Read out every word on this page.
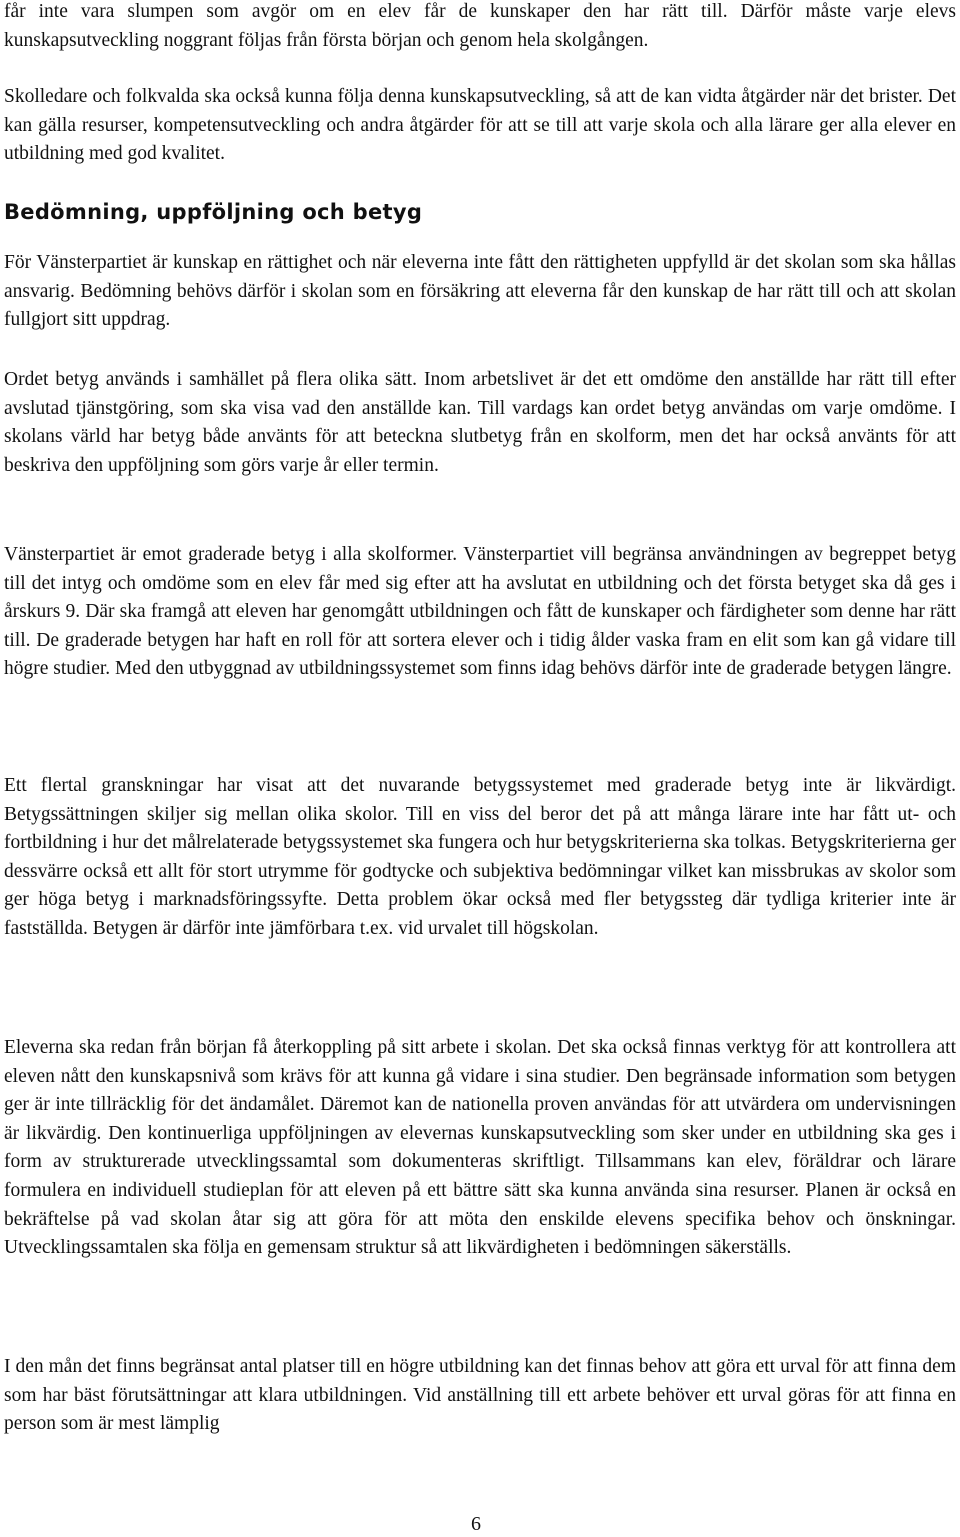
får inte vara slumpen som avgör om en elev får de kunskaper den har rätt till. Därför måste varje elevs kunskapsutveckling noggrant följas från första början och genom hela skolgången.

Skolledare och folkvalda ska också kunna följa denna kunskapsutveckling, så att de kan vidta åtgärder när det brister. Det kan gälla resurser, kompetensutveckling och andra åtgärder för att se till att varje skola och alla lärare ger alla elever en utbildning med god kvalitet.

Bedömning, uppföljning och betyg

För Vänsterpartiet är kunskap en rättighet och när eleverna inte fått den rättigheten uppfylld är det skolan som ska hållas ansvarig. Bedömning behövs därför i skolan som en försäkring att eleverna får den kunskap de har rätt till och att skolan fullgjort sitt uppdrag.

Ordet betyg används i samhället på flera olika sätt. Inom arbetslivet är det ett omdöme den anställde har rätt till efter avslutad tjänstgöring, som ska visa vad den anställde kan. Till vardags kan ordet betyg användas om varje omdöme. I skolans värld har betyg både använts för att beteckna slutbetyg från en skolform, men det har också använts för att beskriva den uppföljning som görs varje år eller termin.

Vänsterpartiet är emot graderade betyg i alla skolformer. Vänsterpartiet vill begränsa användningen av begreppet betyg till det intyg och omdöme som en elev får med sig efter att ha avslutat en utbildning och det första betyget ska då ges i årskurs 9. Där ska framgå att eleven har genomgått utbildningen och fått de kunskaper och färdigheter som denne har rätt till. De graderade betygen har haft en roll för att sortera elever och i tidig ålder vaska fram en elit som kan gå vidare till högre studier. Med den utbyggnad av utbildningssystemet som finns idag behövs därför inte de graderade betygen längre.

Ett flertal granskningar har visat att det nuvarande betygssystemet med graderade betyg inte är likvärdigt. Betygssättningen skiljer sig mellan olika skolor. Till en viss del beror det på att många lärare inte har fått ut- och fortbildning i hur det målrelaterade betygssystemet ska fungera och hur betygskriterierna ska tolkas. Betygskriterierna ger dessvärre också ett allt för stort utrymme för godtycke och subjektiva bedömningar vilket kan missbrukas av skolor som ger höga betyg i marknadsföringssyfte. Detta problem ökar också med fler betygssteg där tydliga kriterier inte är fastställda. Betygen är därför inte jämförbara t.ex. vid urvalet till högskolan.

Eleverna ska redan från början få återkoppling på sitt arbete i skolan. Det ska också finnas verktyg för att kontrollera att eleven nått den kunskapsnivå som krävs för att kunna gå vidare i sina studier. Den begränsade information som betygen ger är inte tillräcklig för det ändamålet. Däremot kan de nationella proven användas för att utvärdera om undervisningen är likvärdig. Den kontinuerliga uppföljningen av elevernas kunskapsutveckling som sker under en utbildning ska ges i form av strukturerade utvecklingssamtal som dokumenteras skriftligt. Tillsammans kan elev, föräldrar och lärare formulera en individuell studieplan för att eleven på ett bättre sätt ska kunna använda sina resurser. Planen är också en bekräftelse på vad skolan åtar sig att göra för att möta den enskilde elevens specifika behov och önskningar. Utvecklingssamtalen ska följa en gemensam struktur så att likvärdigheten i bedömningen säkerställs.

I den mån det finns begränsat antal platser till en högre utbildning kan det finnas behov att göra ett urval för att finna dem som har bäst förutsättningar att klara utbildningen. Vid anställning till ett arbete behöver ett urval göras för att finna en person som är mest lämplig

6
